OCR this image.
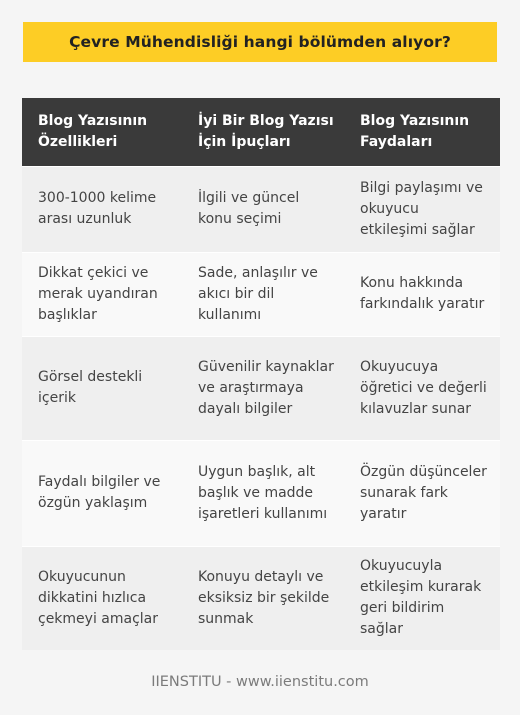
Çevre Mühendisliği hangi bölümden alıyor?
Blog Yazısının Özellikleri	İyi Bir Blog Yazısı İçin İpuçları	Blog Yazısının Faydaları
300-1000 kelime arası uzunluk	İlgili ve güncel konu seçimi	Bilgi paylaşımı ve okuyucu etkileşimi sağlar
Dikkat çekici ve merak uyandıran başlıklar	Sade, anlaşılır ve akıcı bir dil kullanımı	Konu hakkında farkındalık yaratır
Görsel destekli içerik	Güvenilir kaynaklar ve araştırmaya dayalı bilgiler	Okuyucuya öğretici ve değerli kılavuzlar sunar
Faydalı bilgiler ve özgün yaklaşım	Uygun başlık, alt başlık ve madde işaretleri kullanımı	Özgün düşünceler sunarak fark yaratır
Okuyucunun dikkatini hızlıca çekmeyi amaçlar	Konuyu detaylı ve eksiksiz bir şekilde sunmak	Okuyucuyla etkileşim kurarak geri bildirim sağlar
IIENSTITU - www.iienstitu.com
